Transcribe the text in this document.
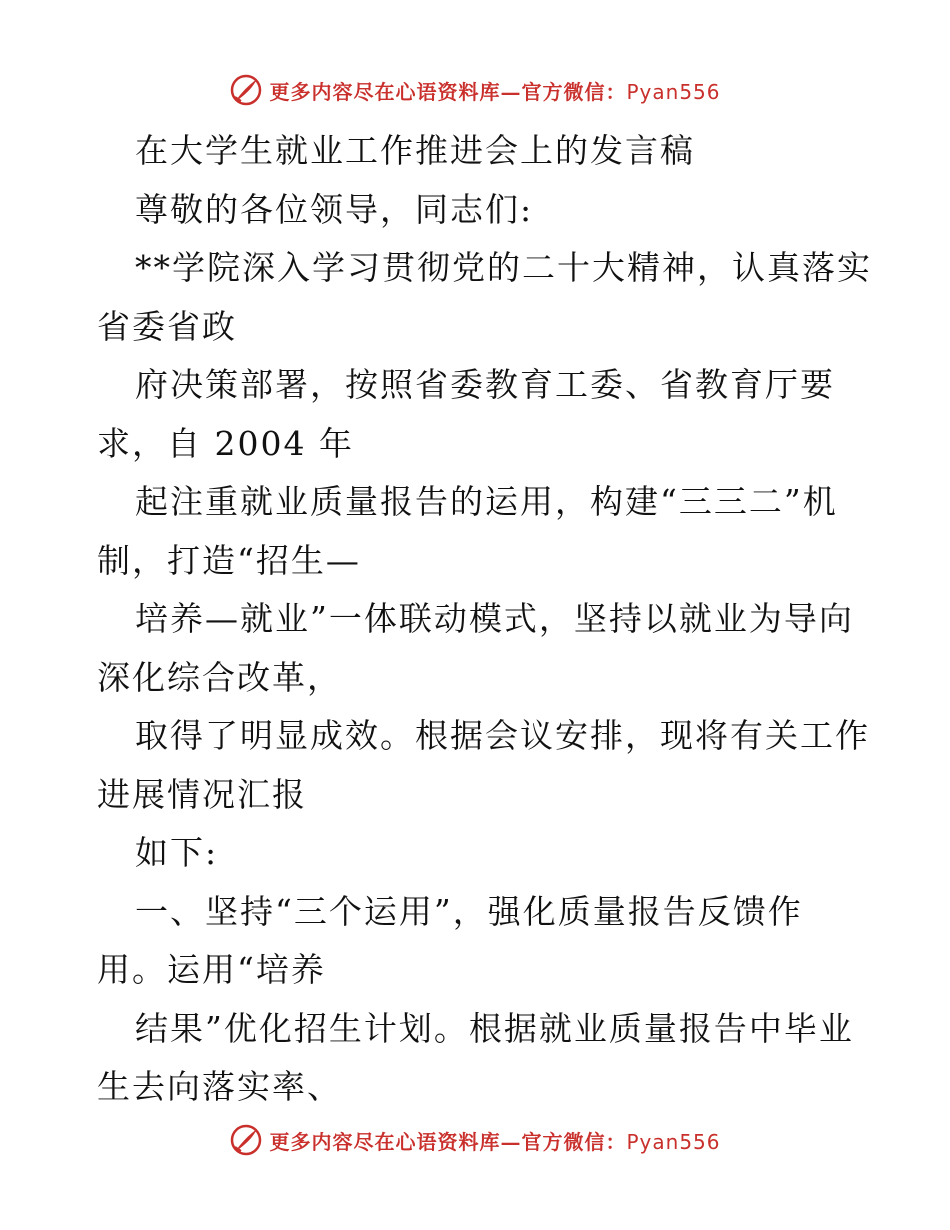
更多内容尽在心语资料库—官方微信：Pyan556
在大学生就业工作推进会上的发言稿
尊敬的各位领导，同志们:
**学院深入学习贯彻党的二十大精神，认真落实
省委省政
府决策部署，按照省委教育工委、省教育厅要
求，自 2004 年
起注重就业质量报告的运用，构建“三三二”机
制，打造“招生—
培养—就业”一体联动模式，坚持以就业为导向
深化综合改革，
取得了明显成效。根据会议安排，现将有关工作
进展情况汇报
如下:
一、坚持“三个运用”，强化质量报告反馈作
用。运用“培养
结果”优化招生计划。根据就业质量报告中毕业
生去向落实率、
更多内容尽在心语资料库—官方微信：Pyan556
